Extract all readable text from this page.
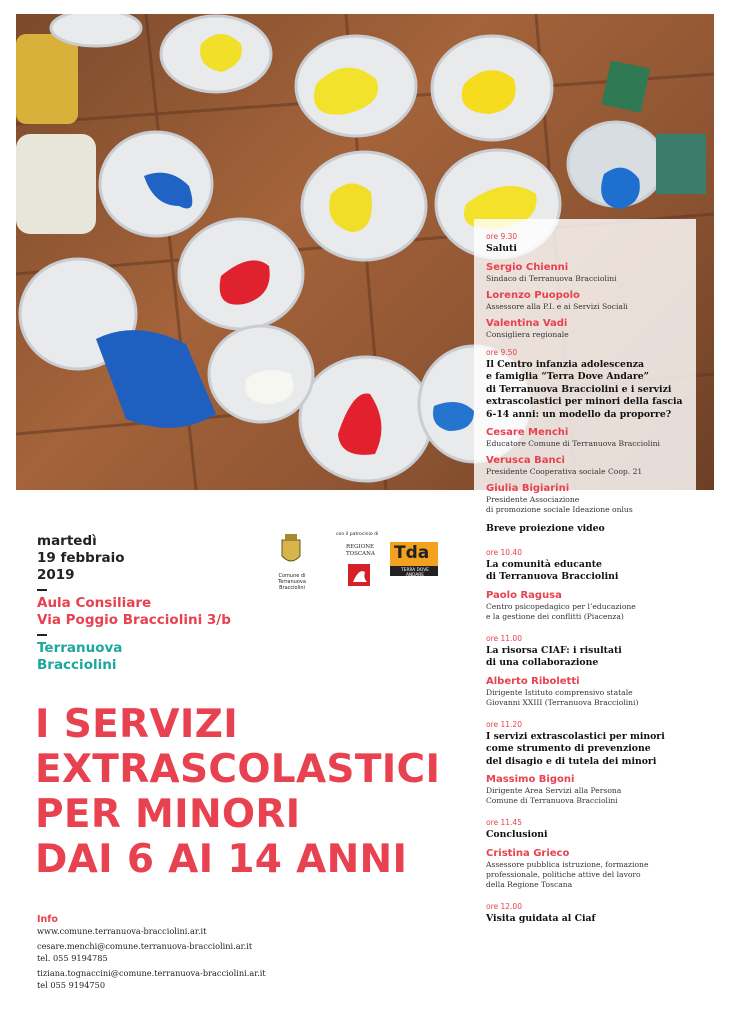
ore 9.30
Saluti
Sergio Chienni
Sindaco di Terranuova Bracciolini
Lorenzo Puopolo
Assessore alla P.I. e ai Servizi Sociali
Valentina Vadi
Consigliera regionale
ore 9.50
Il Centro infanzia adolescenza
e famiglia “Terra Dove Andare”
di Terranuova Bracciolini e i servizi
extrascolastici per minori della fascia
6-14 anni: un modello da proporre?
Cesare Menchi
Educatore Comune di Terranuova Bracciolini
Verusca Banci
Presidente Cooperativa sociale Coop. 21
Giulia Bigiarini
Presidente Associazione
di promozione sociale Ideazione onlus
Breve proiezione video
ore 10.40
La comunità educante
di Terranuova Bracciolini
Paolo Ragusa
Centro psicopedagico per l’educazione
e la gestione dei conflitti (Piacenza)
ore 11.00
La risorsa CIAF: i risultati
di una collaborazione
Alberto Riboletti
Dirigente Istituto comprensivo statale
Giovanni XXIII (Terranuova Bracciolini)
ore 11.20
I servizi extrascolastici per minori
come strumento di prevenzione
del disagio e di tutela dei minori
Massimo Bigoni
Dirigente Area Servizi alla Persona
Comune di Terranuova Bracciolini
ore 11.45
Conclusioni
Cristina Grieco
Assessore pubblica istruzione, formazione
professionale, politiche attive del lavoro
della Regione Toscana
ore 12.00
Visita guidata al Ciaf
martedì
19 febbraio
2019
Aula Consiliare
Via Poggio Bracciolini 3/b
Terranuova
Bracciolini
Comune di
Terranuova Bracciolini
con il patrocinio di
REGIONE
TOSCANA Tda
TERRA DOVE ANDARE
I SERVIZI
EXTRASCOLASTICI
PER MINORI
DAI 6 AI 14 ANNI
Info
www.comune.terranuova-bracciolini.ar.it
cesare.menchi@comune.terranuova-bracciolini.ar.it
tel. 055 9194785
tiziana.tognaccini@comune.terranuova-bracciolini.ar.it
tel 055 9194750
